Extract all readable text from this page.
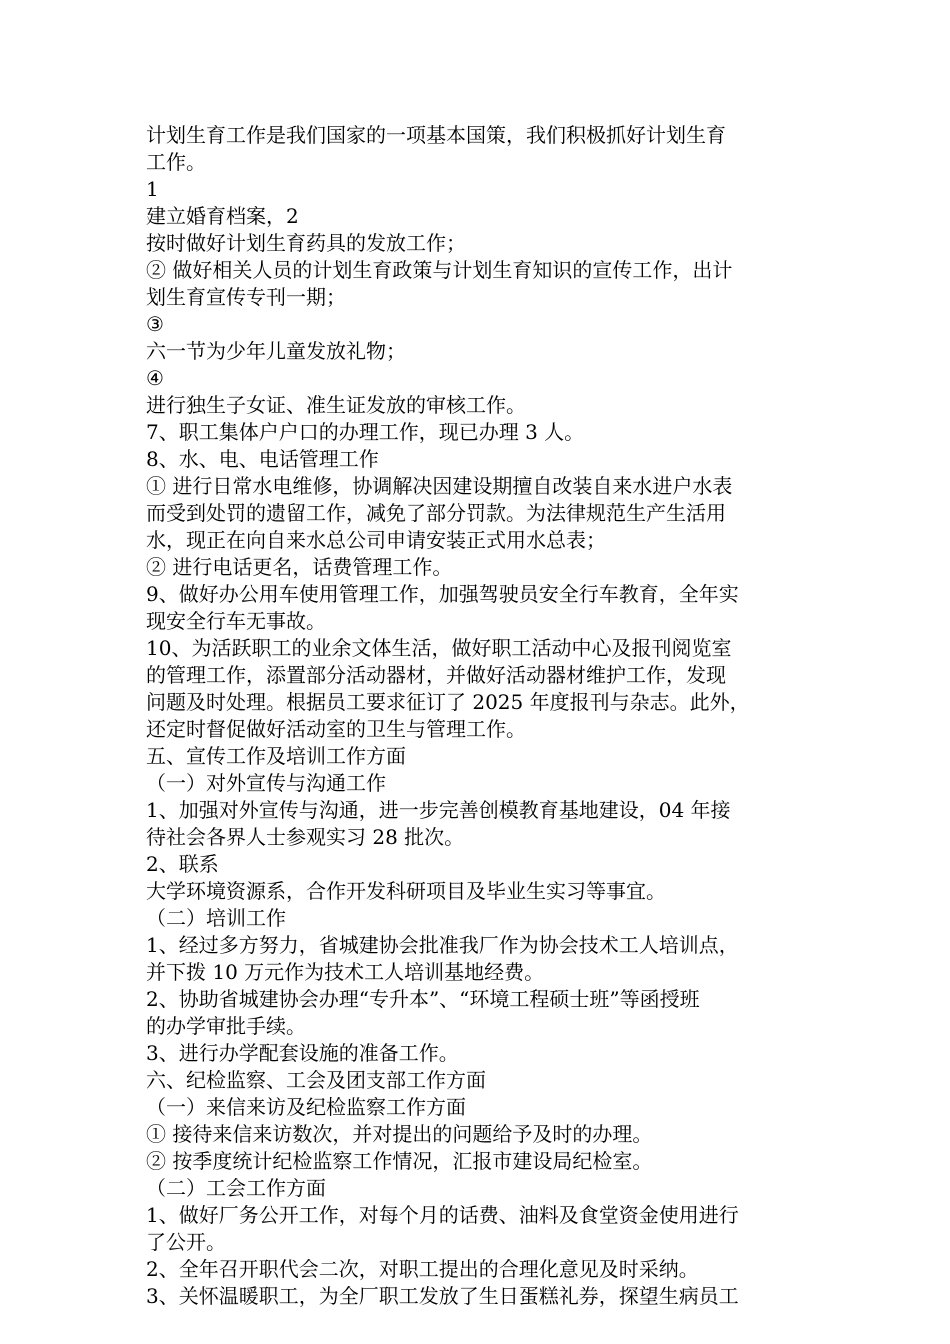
计划生育工作是我们国家的一项基本国策，我们积极抓好计划生育
工作。
1
建立婚育档案，2
按时做好计划生育药具的发放工作；
② 做好相关人员的计划生育政策与计划生育知识的宣传工作，出计
划生育宣传专刊一期；
③
六一节为少年儿童发放礼物；
④
进行独生子女证、准生证发放的审核工作。
7、职工集体户户口的办理工作，现已办理 3 人。
8、水、电、电话管理工作
① 进行日常水电维修，协调解决因建设期擅自改装自来水进户水表
而受到处罚的遗留工作，减免了部分罚款。为法律规范生产生活用
水，现正在向自来水总公司申请安装正式用水总表；
② 进行电话更名，话费管理工作。
9、做好办公用车使用管理工作，加强驾驶员安全行车教育，全年实
现安全行车无事故。
10、为活跃职工的业余文体生活，做好职工活动中心及报刊阅览室
的管理工作，添置部分活动器材，并做好活动器材维护工作，发现
问题及时处理。根据员工要求征订了 2025 年度报刊与杂志。此外，
还定时督促做好活动室的卫生与管理工作。
五、宣传工作及培训工作方面
（一）对外宣传与沟通工作
1、加强对外宣传与沟通，进一步完善创模教育基地建设，04 年接
待社会各界人士参观实习 28 批次。
2、联系
大学环境资源系，合作开发科研项目及毕业生实习等事宜。
（二）培训工作
1、经过多方努力，省城建协会批准我厂作为协会技术工人培训点，
并下拨 10 万元作为技术工人培训基地经费。
2、协助省城建协会办理“专升本”、“环境工程硕士班”等函授班
的办学审批手续。
3、进行办学配套设施的准备工作。
六、纪检监察、工会及团支部工作方面
（一）来信来访及纪检监察工作方面
① 接待来信来访数次，并对提出的问题给予及时的办理。
② 按季度统计纪检监察工作情况，汇报市建设局纪检室。
（二）工会工作方面
1、做好厂务公开工作，对每个月的话费、油料及食堂资金使用进行
了公开。
2、全年召开职代会二次，对职工提出的合理化意见及时采纳。
3、关怀温暖职工，为全厂职工发放了生日蛋糕礼券，探望生病员工
